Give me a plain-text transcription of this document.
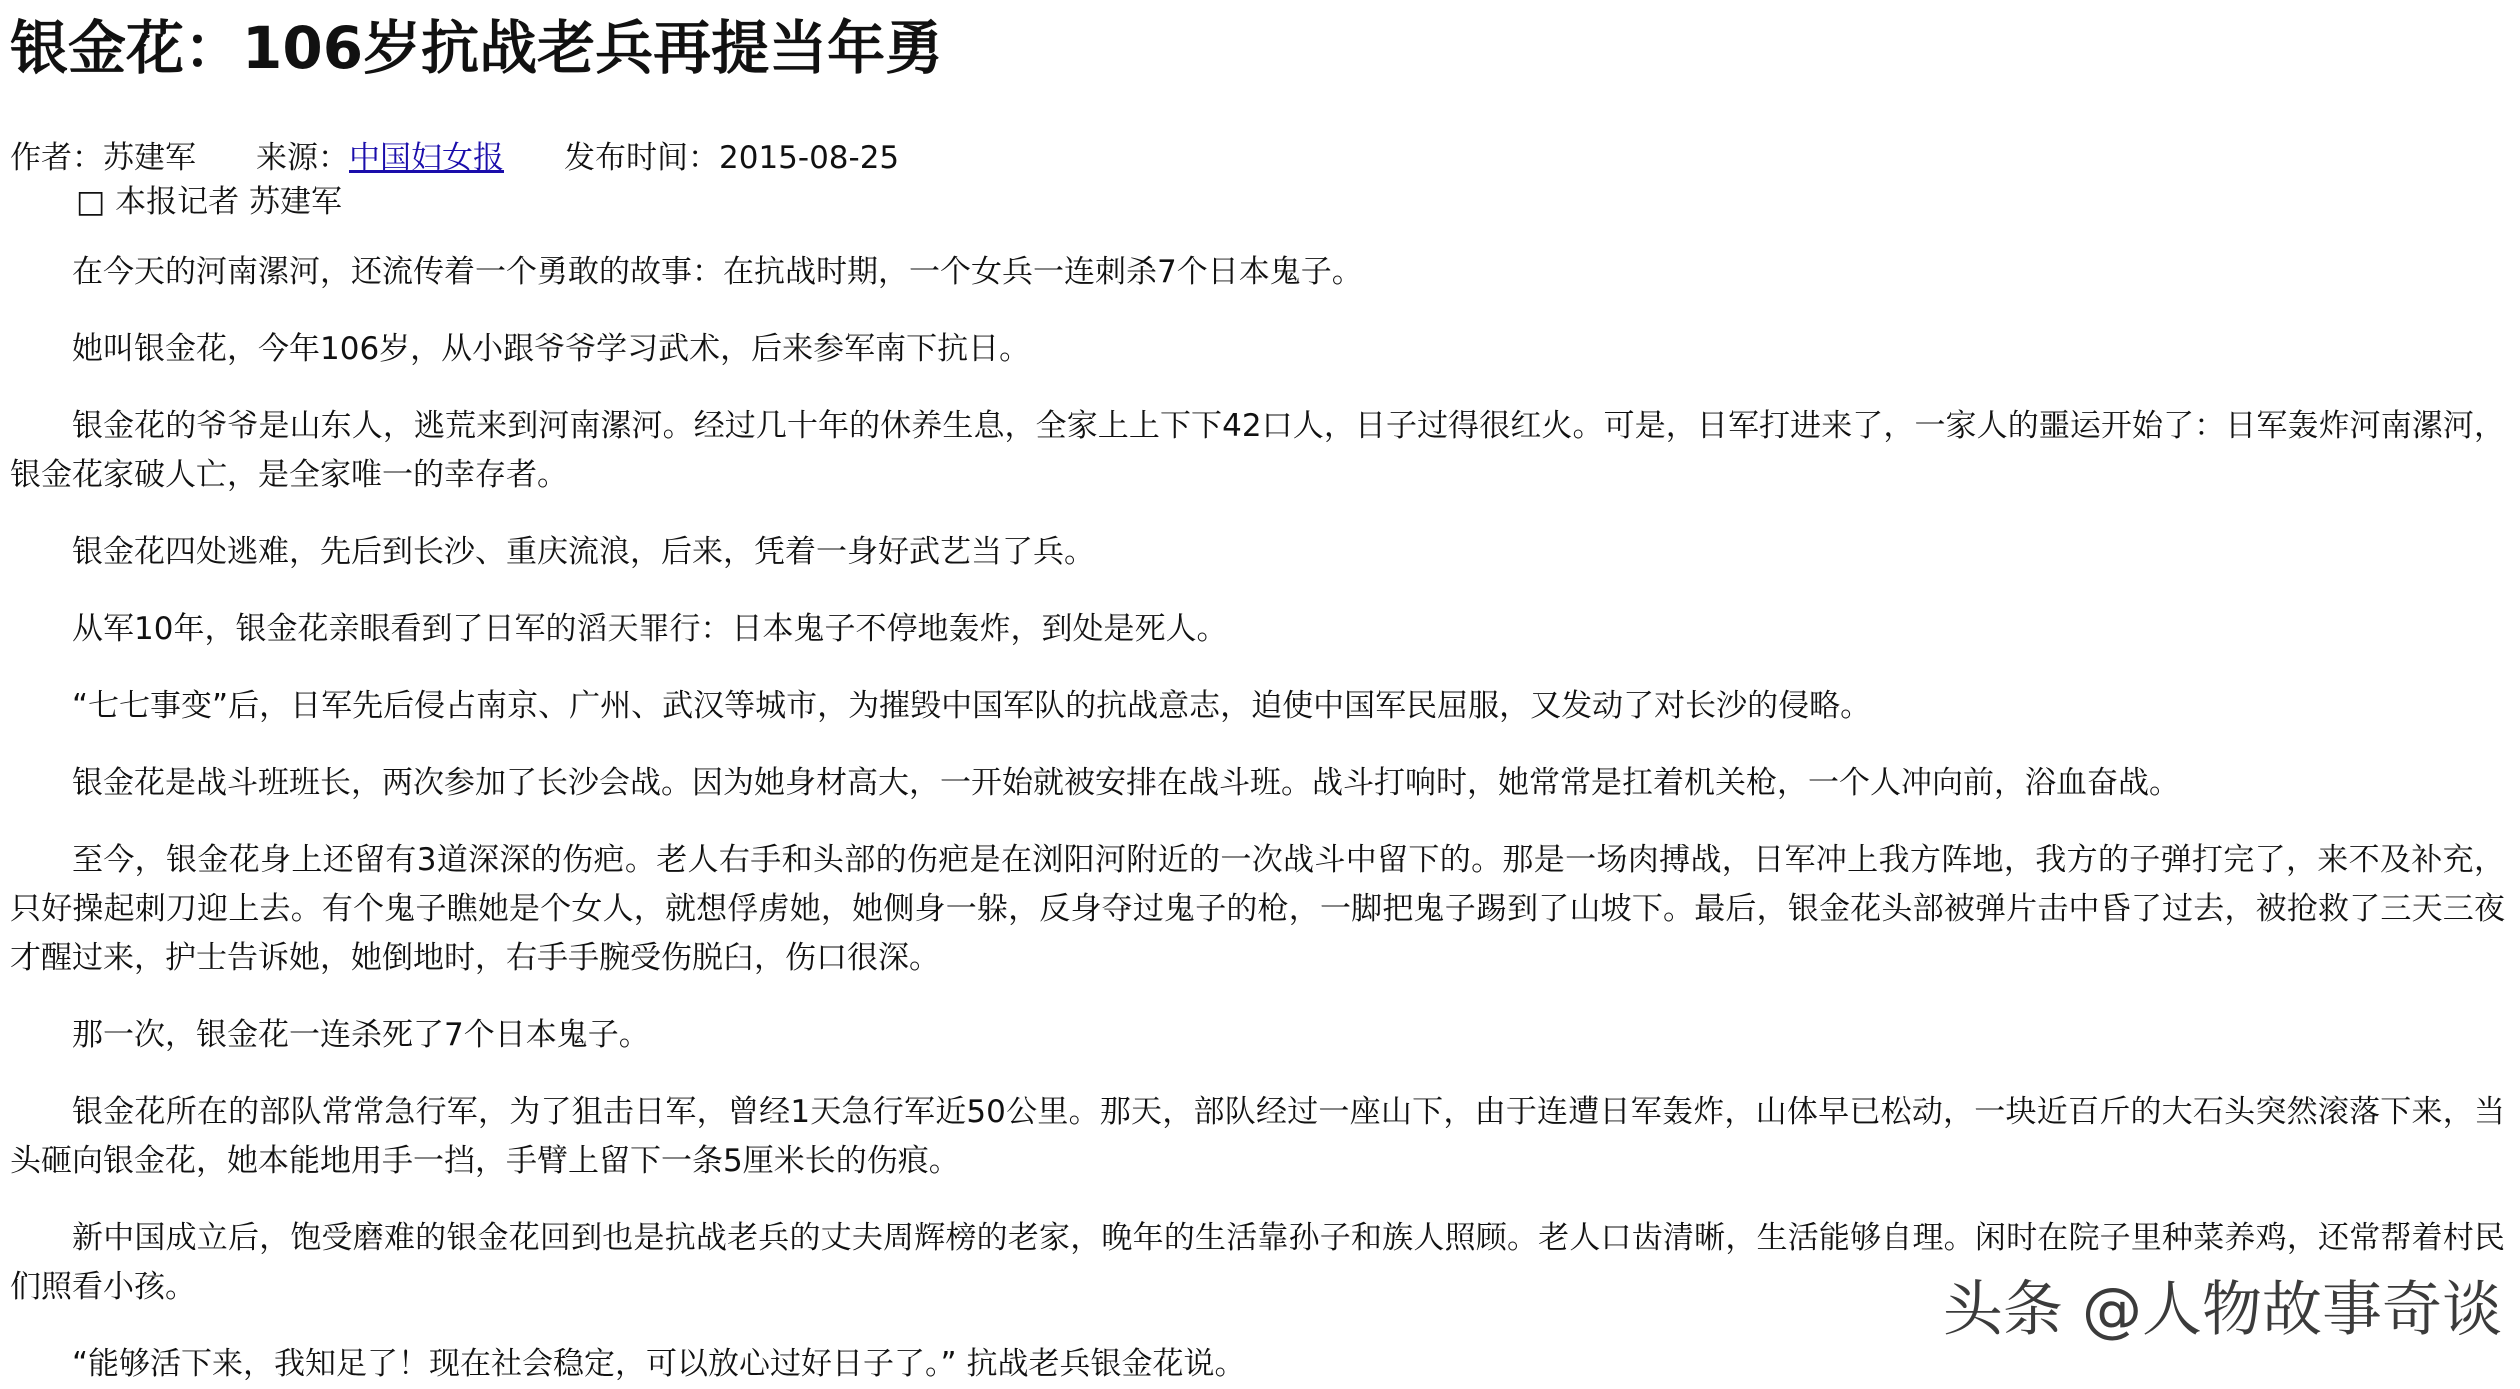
银金花：106岁抗战老兵再提当年勇
作者：苏建军 来源：中国妇女报 发布时间：2015-08-25
□ 本报记者 苏建军

在今天的河南漯河，还流传着一个勇敢的故事：在抗战时期，一个女兵一连刺杀7个日本鬼子。

她叫银金花，今年106岁，从小跟爷爷学习武术，后来参军南下抗日。

银金花的爷爷是山东人，逃荒来到河南漯河。经过几十年的休养生息，全家上上下下42口人，日子过得很红火。可是，日军打进来了，一家人的噩运开始了：日军轰炸河南漯河，银金花家破人亡，是全家唯一的幸存者。

银金花四处逃难，先后到长沙、重庆流浪，后来，凭着一身好武艺当了兵。

从军10年，银金花亲眼看到了日军的滔天罪行：日本鬼子不停地轰炸，到处是死人。

“七七事变”后，日军先后侵占南京、广州、武汉等城市，为摧毁中国军队的抗战意志，迫使中国军民屈服，又发动了对长沙的侵略。

银金花是战斗班班长，两次参加了长沙会战。因为她身材高大，一开始就被安排在战斗班。战斗打响时，她常常是扛着机关枪，一个人冲向前，浴血奋战。

至今，银金花身上还留有3道深深的伤疤。老人右手和头部的伤疤是在浏阳河附近的一次战斗中留下的。那是一场肉搏战，日军冲上我方阵地，我方的子弹打完了，来不及补充，只好操起刺刀迎上去。有个鬼子瞧她是个女人，就想俘虏她，她侧身一躲，反身夺过鬼子的枪，一脚把鬼子踢到了山坡下。最后，银金花头部被弹片击中昏了过去，被抢救了三天三夜才醒过来，护士告诉她，她倒地时，右手手腕受伤脱臼，伤口很深。

那一次，银金花一连杀死了7个日本鬼子。

银金花所在的部队常常急行军，为了狙击日军，曾经1天急行军近50公里。那天，部队经过一座山下，由于连遭日军轰炸，山体早已松动，一块近百斤的大石头突然滚落下来，当头砸向银金花，她本能地用手一挡，手臂上留下一条5厘米长的伤痕。

新中国成立后，饱受磨难的银金花回到也是抗战老兵的丈夫周辉榜的老家，晚年的生活靠孙子和族人照顾。老人口齿清晰，生活能够自理。闲时在院子里种菜养鸡，还常帮着村民们照看小孩。

“能够活下来，我知足了！现在社会稳定，可以放心过好日子了。” 抗战老兵银金花说。

头条 @人物故事奇谈
